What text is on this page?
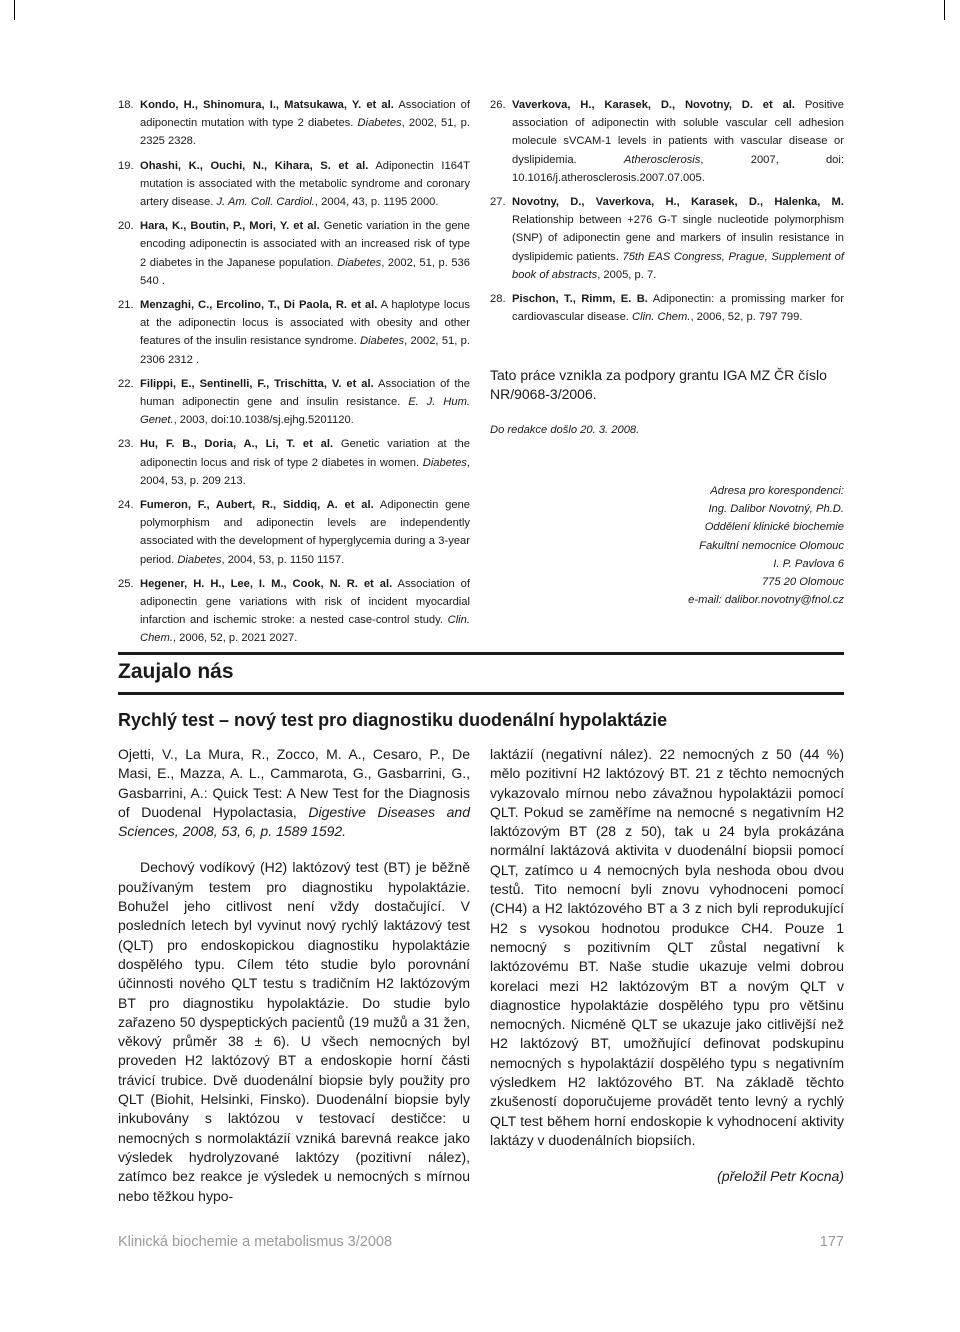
18. Kondo, H., Shinomura, I., Matsukawa, Y. et al. Association of adiponectin mutation with type 2 diabetes. Diabetes, 2002, 51, p. 2325 2328.
19. Ohashi, K., Ouchi, N., Kihara, S. et al. Adiponectin I164T mutation is associated with the metabolic syndrome and coronary artery disease. J. Am. Coll. Cardiol., 2004, 43, p. 1195 2000.
20. Hara, K., Boutin, P., Mori, Y. et al. Genetic variation in the gene encoding adiponectin is associated with an increased risk of type 2 diabetes in the Japanese population. Diabetes, 2002, 51, p. 536 540 .
21. Menzaghi, C., Ercolino, T., Di Paola, R. et al. A haplotype locus at the adiponectin locus is associated with obesity and other features of the insulin resistance syndrome. Diabetes, 2002, 51, p. 2306 2312 .
22. Filippi, E., Sentinelli, F., Trischitta, V. et al. Association of the human adiponectin gene and insulin resistance. E. J. Hum. Genet., 2003, doi:10.1038/sj.ejhg.5201120.
23. Hu, F. B., Doria, A., Li, T. et al. Genetic variation at the adiponectin locus and risk of type 2 diabetes in women. Diabetes, 2004, 53, p. 209 213.
24. Fumeron, F., Aubert, R., Siddiq, A. et al. Adiponectin gene polymorphism and adiponectin levels are independently associated with the development of hyperglycemia during a 3-year period. Diabetes, 2004, 53, p. 1150 1157.
25. Hegener, H. H., Lee, I. M., Cook, N. R. et al. Association of adiponectin gene variations with risk of incident myocardial infarction and ischemic stroke: a nested case-control study. Clin. Chem., 2006, 52, p. 2021 2027.
26. Vaverkova, H., Karasek, D., Novotny, D. et al. Positive association of adiponectin with soluble vascular cell adhesion molecule sVCAM-1 levels in patients with vascular disease or dyslipidemia. Atherosclerosis, 2007, doi: 10.1016/j.atherosclerosis.2007.07.005.
27. Novotny, D., Vaverkova, H., Karasek, D., Halenka, M. Relationship between +276 G-T single nucleotide polymorphism (SNP) of adiponectin gene and markers of insulin resistance in dyslipidemic patients. 75th EAS Congress, Prague, Supplement of book of abstracts, 2005, p. 7.
28. Pischon, T., Rimm, E. B. Adiponectin: a promissing marker for cardiovascular disease. Clin. Chem., 2006, 52, p. 797 799.
Tato práce vznikla za podpory grantu IGA MZ ČR číslo NR/9068-3/2006.
Do redakce došlo 20. 3. 2008.
Adresa pro korespondenci:
Ing. Dalibor Novotný, Ph.D.
Oddělení klinické biochemie
Fakultní nemocnice Olomouc
I. P. Pavlova 6
775 20 Olomouc
e-mail: dalibor.novotny@fnol.cz
Zaujalo nás
Rychlý test – nový test pro diagnostiku duodenální hypolaktázie

Ojetti, V., La Mura, R., Zocco, M. A., Cesaro, P., De Masi, E., Mazza, A. L., Cammarota, G., Gasbarrini, G., Gasbarrini, A.: Quick Test: A New Test for the Diagnosis of Duodenal Hypolactasia, Digestive Diseases and Sciences, 2008, 53, 6, p. 1589 1592.

Dechový vodíkový (H2) laktózový test (BT) je běžně používaným testem pro diagnostiku hypolaktázie. Bohužel jeho citlivost není vždy dostačující. V posledních letech byl vyvinut nový rychlý laktázový test (QLT) pro endoskopickou diagnostiku hypolaktázie dospělého typu. Cílem této studie bylo porovnání účinnosti nového QLT testu s tradičním H2 laktózovým BT pro diagnostiku hypolaktázie. Do studie bylo zařazeno 50 dyspeptických pacientů (19 mužů a 31 žen, věkový průměr 38 ± 6). U všech nemocných byl proveden H2 laktózový BT a endoskopie horní části trávicí trubice. Dvě duodenální biopsie byly použity pro QLT (Biohit, Helsinki, Finsko). Duodenální biopsie byly inkubovány s laktózou v testovací destičce: u nemocných s normolaktázií vzniká barevná reakce jako výsledek hydrolyzované laktózy (pozitivní nález), zatímco bez reakce je výsledek u nemocných s mírnou nebo těžkou hypo-

laktázií (negativní nález). 22 nemocných z 50 (44 %) mělo pozitivní H2 laktózový BT. 21 z těchto nemocných vykazovalo mírnou nebo závažnou hypolaktázii pomocí QLT. Pokud se zaměříme na nemocné s negativním H2 laktózovým BT (28 z 50), tak u 24 byla prokázána normální laktázová aktivita v duodenální biopsii pomocí QLT, zatímco u 4 nemocných byla neshoda obou dvou testů. Tito nemocní byli znovu vyhodnoceni pomocí (CH4) a H2 laktózového BT a 3 z nich byli reprodukující H2 s vysokou hodnotou produkce CH4. Pouze 1 nemocný s pozitivním QLT zůstal negativní k laktózovému BT. Naše studie ukazuje velmi dobrou korelaci mezi H2 laktózovým BT a novým QLT v diagnostice hypolaktázie dospělého typu pro většinu nemocných. Nicméně QLT se ukazuje jako citlivější než H2 laktózový BT, umožňující definovat podskupinu nemocných s hypolaktázií dospělého typu s negativním výsledkem H2 laktózového BT. Na základě těchto zkušeností doporučujeme provádět tento levný a rychlý QLT test během horní endoskopie k vyhodnocení aktivity laktázy v duodenálních biopsiích.

(přeložil Petr Kocna)

Klinická biochemie a metabolismus 3/2008	177
